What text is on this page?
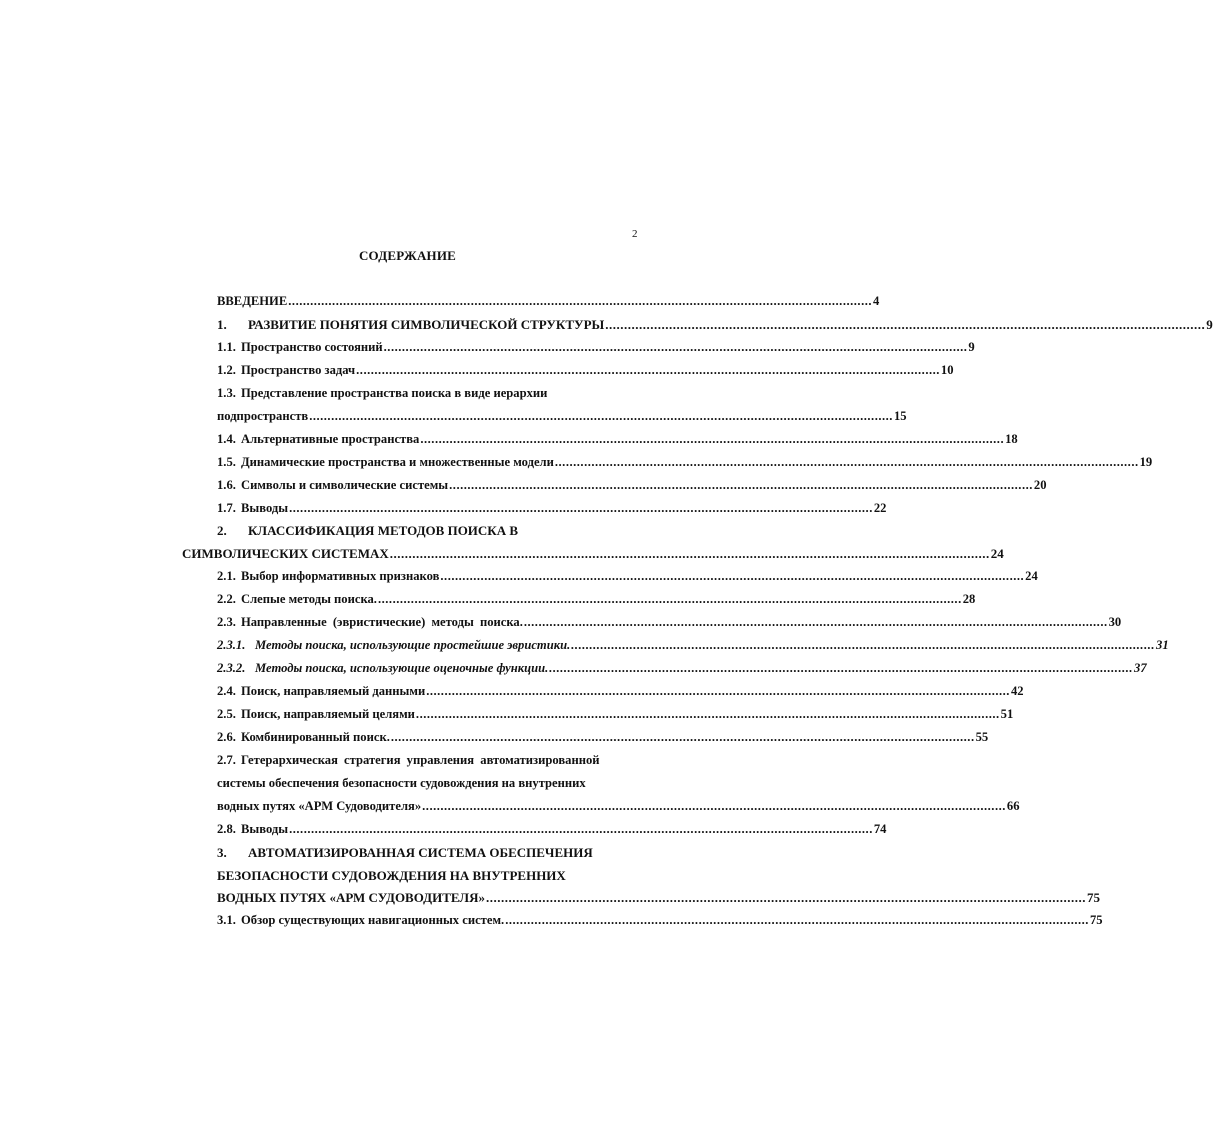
2
СОДЕРЖАНИЕ
ВВЕДЕНИЕ ................................................................................................................................................................ 4
1. РАЗВИТИЕ ПОНЯТИЯ СИМВОЛИЧЕСКОЙ СТРУКТУРЫ ................................................................................................................................................................ 9
1.1. Пространство состояний ................................................................................................................................................................ 9
1.2. Пространство задач ................................................................................................................................................................ 10
1.3. Представление пространства поиска в виде иерархии
подпространств ................................................................................................................................................................ 15
1.4. Альтернативные пространства ................................................................................................................................................................ 18
1.5. Динамические пространства и множественные модели ................................................................................................................................................................ 19
1.6. Символы и символические системы ................................................................................................................................................................ 20
1.7. Выводы ................................................................................................................................................................ 22
2. КЛАССИФИКАЦИЯ МЕТОДОВ ПОИСКА В
СИМВОЛИЧЕСКИХ СИСТЕМАХ ................................................................................................................................................................ 24
2.1. Выбор информативных признаков ................................................................................................................................................................ 24
2.2. Слепые методы поиска. ................................................................................................................................................................ 28
2.3. Направленные (эвристические) методы поиска. ................................................................................................................................................................ 30
2.3.1. Методы поиска, использующие простейшие эвристики. ................................................................................................................................................................ 31
2.3.2. Методы поиска, использующие оценочные функции. ................................................................................................................................................................ 37
2.4. Поиск, направляемый данными ................................................................................................................................................................ 42
2.5. Поиск, направляемый целями ................................................................................................................................................................ 51
2.6. Комбинированный поиск. ................................................................................................................................................................ 55
2.7. Гетерархическая стратегия управления автоматизированной
системы обеспечения безопасности судовождения на внутренних
водных путях «АРМ Судоводителя» ................................................................................................................................................................ 66
2.8. Выводы ................................................................................................................................................................ 74
3. АВТОМАТИЗИРОВАННАЯ СИСТЕМА ОБЕСПЕЧЕНИЯ
БЕЗОПАСНОСТИ СУДОВОЖДЕНИЯ НА ВНУТРЕННИХ
ВОДНЫХ ПУТЯХ «АРМ СУДОВОДИТЕЛЯ» ................................................................................................................................................................ 75
3.1. Обзор существующих навигационных систем. ................................................................................................................................................................ 75
